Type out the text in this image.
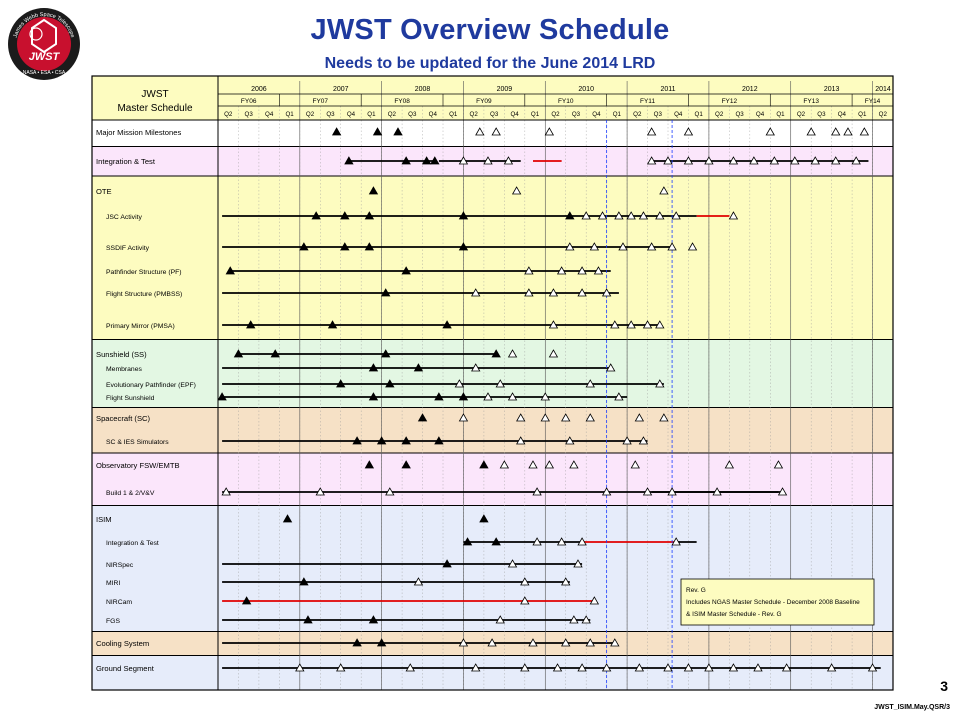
JWST
James Webb Space Telescope
NASA • ESA • CSA
JWST Overview Schedule
Needs to be updated for the June 2014 LRD
2006	2007	2008	2009	2010	2011	2012	2013	2014
FY06	FY07	FY08	FY09	FY10	FY11	FY12	FY13	FY14
Q2 Q3 Q4 Q1 Q2 Q3 Q4 Q1 Q2 Q3 Q4 Q1 Q2 Q3 Q4 Q1 Q2 Q3 Q4 Q1 Q2 Q3 Q4 Q1 Q2 Q3 Q4 Q1 Q2 Q3 Q4 Q1 Q2
JWST
Master Schedule
Major Mission Milestones
Integration & Test
OTE
JSC Activity
SSDIF Activity
Pathfinder Structure (PF)
Flight Structure (PMBSS)
Primary Mirror (PMSA)
Sunshield (SS)
Membranes
Evolutionary Pathfinder (EPF)
Flight Sunshield
Spacecraft (SC)
SC & IES Simulators
Observatory FSW/EMTB
Build 1 & 2/V&V
ISIM
Integration & Test
NIRSpec
MIRI
NIRCam
FGS
Cooling System
Ground Segment
Rev. G
Includes NGAS Master Schedule - December 2008 Baseline
& ISIM Master Schedule - Rev. G
3
JWST_ISIM.May.QSR/3
